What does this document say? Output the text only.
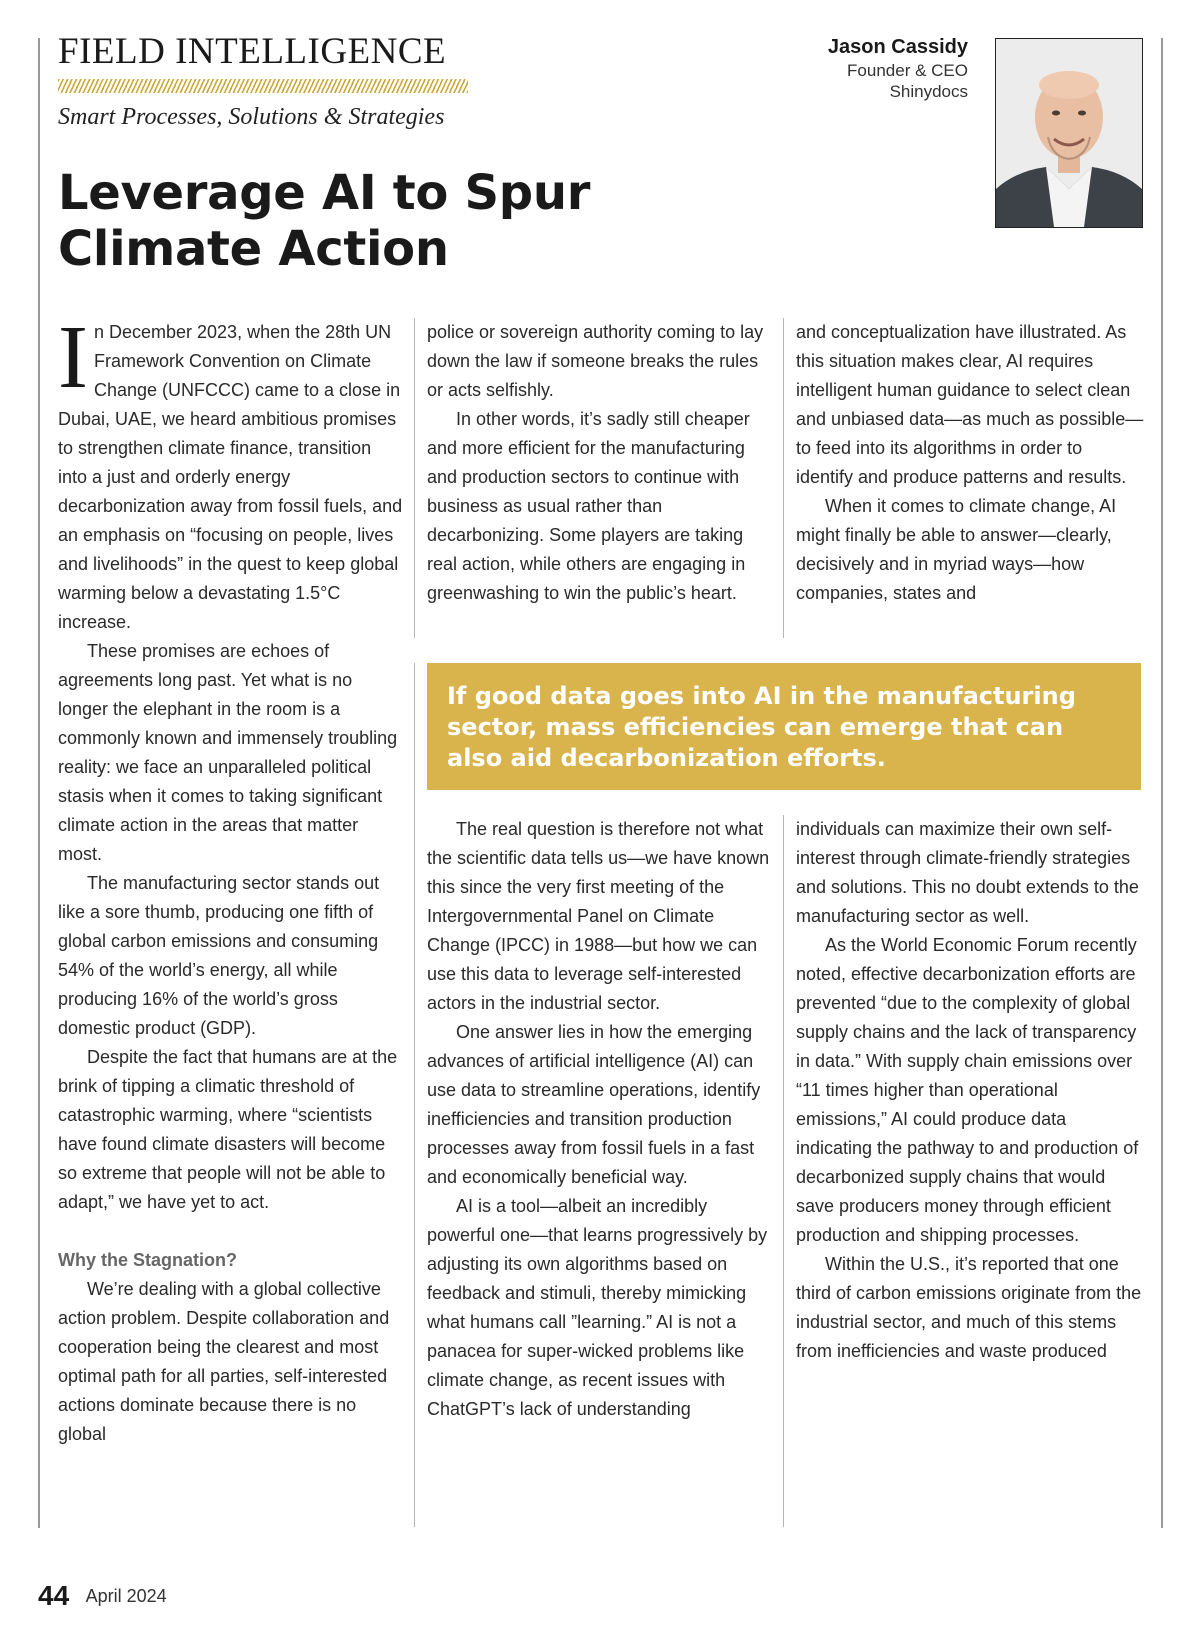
FIELD INTELLIGENCE
Smart Processes, Solutions & Strategies
Jason Cassidy
Founder & CEO
Shinydocs
Leverage AI to Spur Climate Action

In December 2023, when the 28th UN Framework Convention on Climate Change (UNFCCC) came to a close in Dubai, UAE, we heard ambitious promises to strengthen climate finance, transition into a just and orderly energy decarbonization away from fossil fuels, and an emphasis on “focusing on people, lives and livelihoods” in the quest to keep global warming below a devastating 1.5°C increase.

These promises are echoes of agreements long past. Yet what is no longer the elephant in the room is a commonly known and immensely troubling reality: we face an unparalleled political stasis when it comes to taking significant climate action in the areas that matter most.

The manufacturing sector stands out like a sore thumb, producing one fifth of global carbon emissions and consuming 54% of the world’s energy, all while producing 16% of the world’s gross domestic product (GDP).

Despite the fact that humans are at the brink of tipping a climatic threshold of catastrophic warming, where “scientists have found climate disasters will become so extreme that people will not be able to adapt,” we have yet to act.

Why the Stagnation?

We’re dealing with a global collective action problem. Despite collaboration and cooperation being the clearest and most optimal path for all parties, self-interested actions dominate because there is no global

police or sovereign authority coming to lay down the law if someone breaks the rules or acts selfishly.

In other words, it’s sadly still cheaper and more efficient for the manufacturing and production sectors to continue with business as usual rather than decarbonizing. Some players are taking real action, while others are engaging in greenwashing to win the public’s heart.

and conceptualization have illustrated. As this situation makes clear, AI requires intelligent human guidance to select clean and unbiased data—as much as possible—to feed into its algorithms in order to identify and produce patterns and results.

When it comes to climate change, AI might finally be able to answer—clearly, decisively and in myriad ways—how companies, states and

If good data goes into AI in the manufacturing sector, mass efficiencies can emerge that can also aid decarbonization efforts.

The real question is therefore not what the scientific data tells us—we have known this since the very first meeting of the Intergovernmental Panel on Climate Change (IPCC) in 1988—but how we can use this data to leverage self-interested actors in the industrial sector.

One answer lies in how the emerging advances of artificial intelligence (AI) can use data to streamline operations, identify inefficiencies and transition production processes away from fossil fuels in a fast and economically beneficial way.

AI is a tool—albeit an incredibly powerful one—that learns progressively by adjusting its own algorithms based on feedback and stimuli, thereby mimicking what humans call ”learning.” AI is not a panacea for super-wicked problems like climate change, as recent issues with ChatGPT’s lack of understanding

individuals can maximize their own self-interest through climate-friendly strategies and solutions. This no doubt extends to the manufacturing sector as well.

As the World Economic Forum recently noted, effective decarbonization efforts are prevented “due to the complexity of global supply chains and the lack of transparency in data.” With supply chain emissions over “11 times higher than operational emissions,” AI could produce data indicating the pathway to and production of decarbonized supply chains that would save producers money through efficient production and shipping processes.

Within the U.S., it’s reported that one third of carbon emissions originate from the industrial sector, and much of this stems from inefficiencies and waste produced

44 April 2024
